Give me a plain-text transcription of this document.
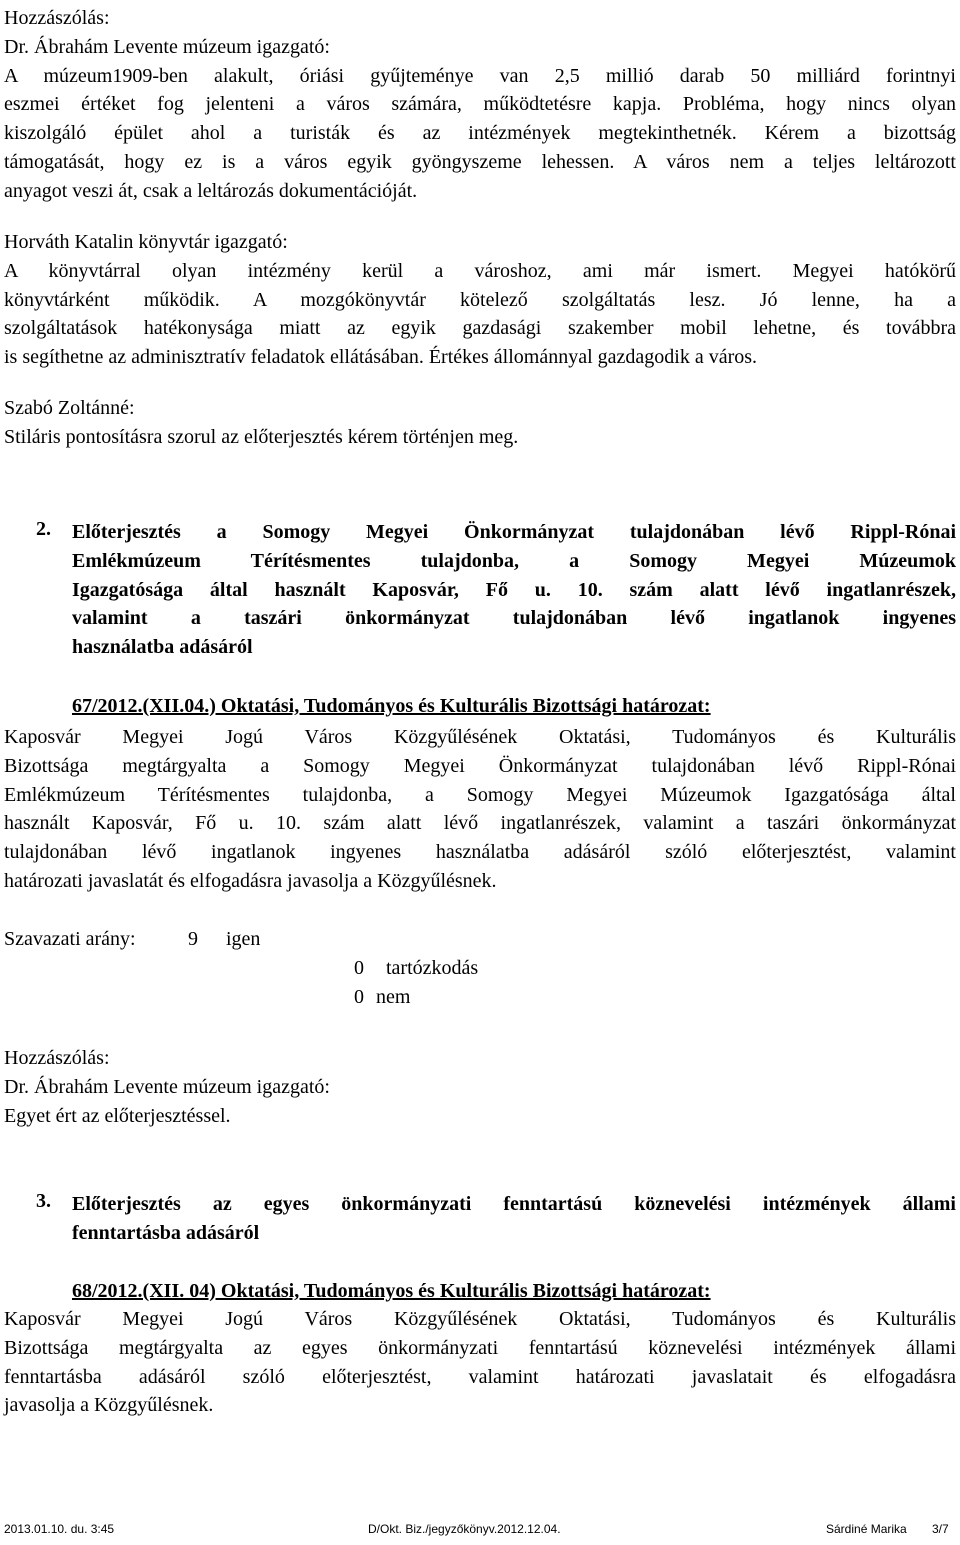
Hozzászólás:
Dr. Ábrahám Levente múzeum igazgató:
A múzeum1909-ben alakult, óriási gyűjteménye van 2,5 millió darab 50 milliárd forintnyi
eszmei értéket fog jelenteni a város számára, működtetésre kapja. Probléma, hogy nincs olyan
kiszolgáló épület ahol a turisták és az intézmények megtekinthetnék. Kérem a bizottság
támogatását, hogy ez is a város egyik gyöngyszeme lehessen. A város nem a teljes leltározott
anyagot veszi át, csak a leltározás dokumentációját.
Horváth Katalin könyvtár igazgató:
A könyvtárral olyan intézmény kerül a városhoz, ami már ismert. Megyei hatókörű
könyvtárként működik. A mozgókönyvtár kötelező szolgáltatás lesz. Jó lenne, ha a
szolgáltatások hatékonysága miatt az egyik gazdasági szakember mobil lehetne, és továbbra
is segíthetne az adminisztratív feladatok ellátásában. Értékes állománnyal gazdagodik a város.
Szabó Zoltánné:
Stiláris pontosításra szorul az előterjesztés kérem történjen meg.
2. Előterjesztés a Somogy Megyei Önkormányzat tulajdonában lévő Rippl-Rónai
Emlékmúzeum Térítésmentes tulajdonba, a Somogy Megyei Múzeumok
Igazgatósága által használt Kaposvár, Fő u. 10. szám alatt lévő ingatlanrészek,
valamint a taszári önkormányzat tulajdonában lévő ingatlanok ingyenes
használatba adásáról
67/2012.(XII.04.) Oktatási, Tudományos és Kulturális Bizottsági határozat:
Kaposvár Megyei Jogú Város Közgyűlésének Oktatási, Tudományos és Kulturális
Bizottsága megtárgyalta a Somogy Megyei Önkormányzat tulajdonában lévő Rippl-Rónai
Emlékmúzeum Térítésmentes tulajdonba, a Somogy Megyei Múzeumok Igazgatósága által
használt Kaposvár, Fő u. 10. szám alatt lévő ingatlanrészek, valamint a taszári önkormányzat
tulajdonában lévő ingatlanok ingyenes használatba adásáról szóló előterjesztést, valamint
határozati javaslatát és elfogadásra javasolja a Közgyűlésnek.
Szavazati arány:	9 igen
0 tartózkodás
0 nem
Hozzászólás:
Dr. Ábrahám Levente múzeum igazgató:
Egyet ért az előterjesztéssel.
3. Előterjesztés az egyes önkormányzati fenntartású köznevelési intézmények állami
fenntartásba adásáról
68/2012.(XII. 04) Oktatási, Tudományos és Kulturális Bizottsági határozat:
Kaposvár Megyei Jogú Város Közgyűlésének Oktatási, Tudományos és Kulturális
Bizottsága megtárgyalta az egyes önkormányzati fenntartású köznevelési intézmények állami
fenntartásba adásáról szóló előterjesztést, valamint határozati javaslatait és elfogadásra
javasolja a Közgyűlésnek.
2013.01.10. du. 3:45	D/Okt. Biz./jegyzőkönyv.2012.12.04.	Sárdiné Marika 3/7
